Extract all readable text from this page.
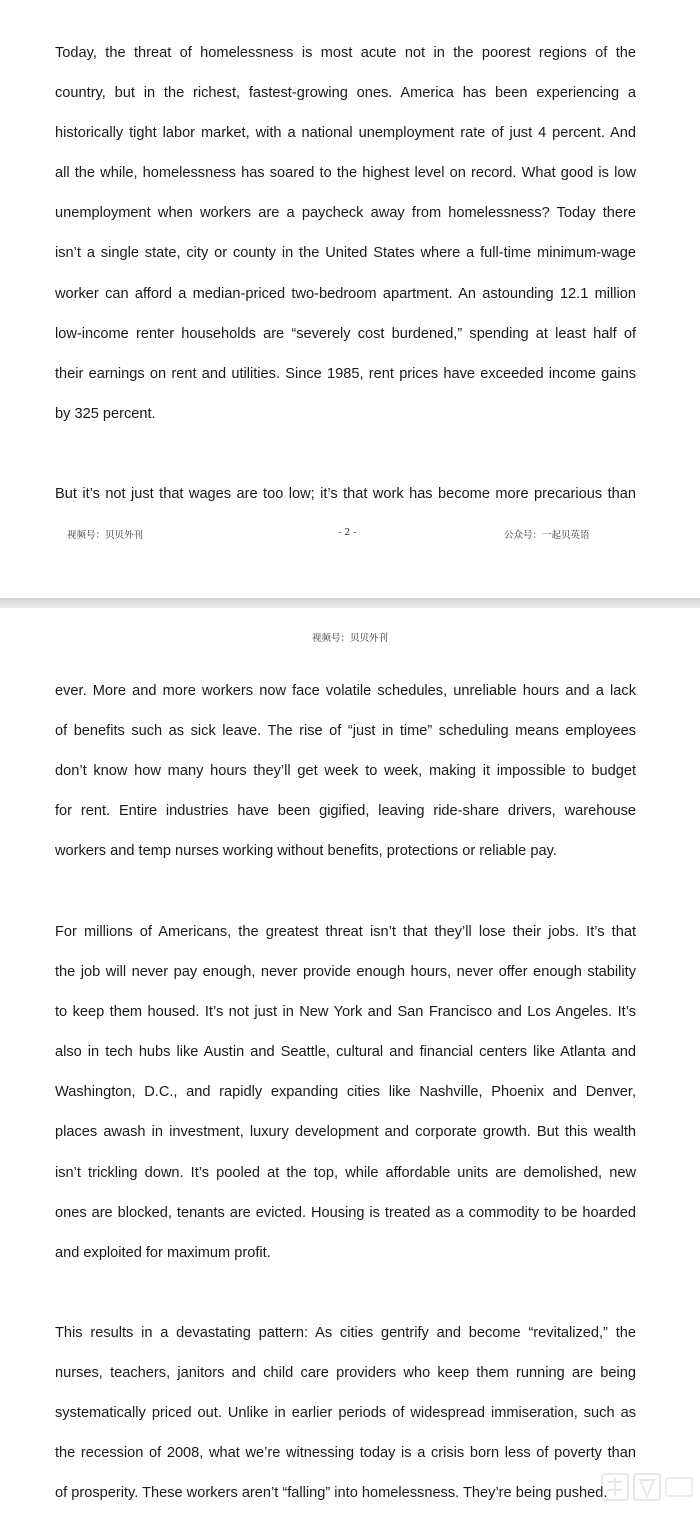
Today, the threat of homelessness is most acute not in the poorest regions of the
country, but in the richest, fastest-growing ones. America has been experiencing a
historically tight labor market, with a national unemployment rate of just 4 percent. And
all the while, homelessness has soared to the highest level on record. What good is low
unemployment when workers are a paycheck away from homelessness? Today there
isn’t a single state, city or county in the United States where a full-time minimum-wage
worker can afford a median-priced two-bedroom apartment. An astounding 12.1 million
low-income renter households are “severely cost burdened,” spending at least half of
their earnings on rent and utilities. Since 1985, rent prices have exceeded income gains
by 325 percent.

But it’s not just that wages are too low; it’s that work has become more precarious than

视频号：贝贝外刊	- 2 -	公众号：一起贝英语
视频号：贝贝外刊

ever. More and more workers now face volatile schedules, unreliable hours and a lack
of benefits such as sick leave. The rise of “just in time” scheduling means employees
don’t know how many hours they’ll get week to week, making it impossible to budget
for rent. Entire industries have been gigified, leaving ride-share drivers, warehouse
workers and temp nurses working without benefits, protections or reliable pay.

For millions of Americans, the greatest threat isn’t that they’ll lose their jobs. It’s that
the job will never pay enough, never provide enough hours, never offer enough stability
to keep them housed. It’s not just in New York and San Francisco and Los Angeles. It’s
also in tech hubs like Austin and Seattle, cultural and financial centers like Atlanta and
Washington, D.C., and rapidly expanding cities like Nashville, Phoenix and Denver,
places awash in investment, luxury development and corporate growth. But this wealth
isn’t trickling down. It’s pooled at the top, while affordable units are demolished, new
ones are blocked, tenants are evicted. Housing is treated as a commodity to be hoarded
and exploited for maximum profit.

This results in a devastating pattern: As cities gentrify and become “revitalized,” the
nurses, teachers, janitors and child care providers who keep them running are being
systematically priced out. Unlike in earlier periods of widespread immiseration, such as
the recession of 2008, what we’re witnessing today is a crisis born less of poverty than
of prosperity. These workers aren’t “falling” into homelessness. They’re being pushed.
